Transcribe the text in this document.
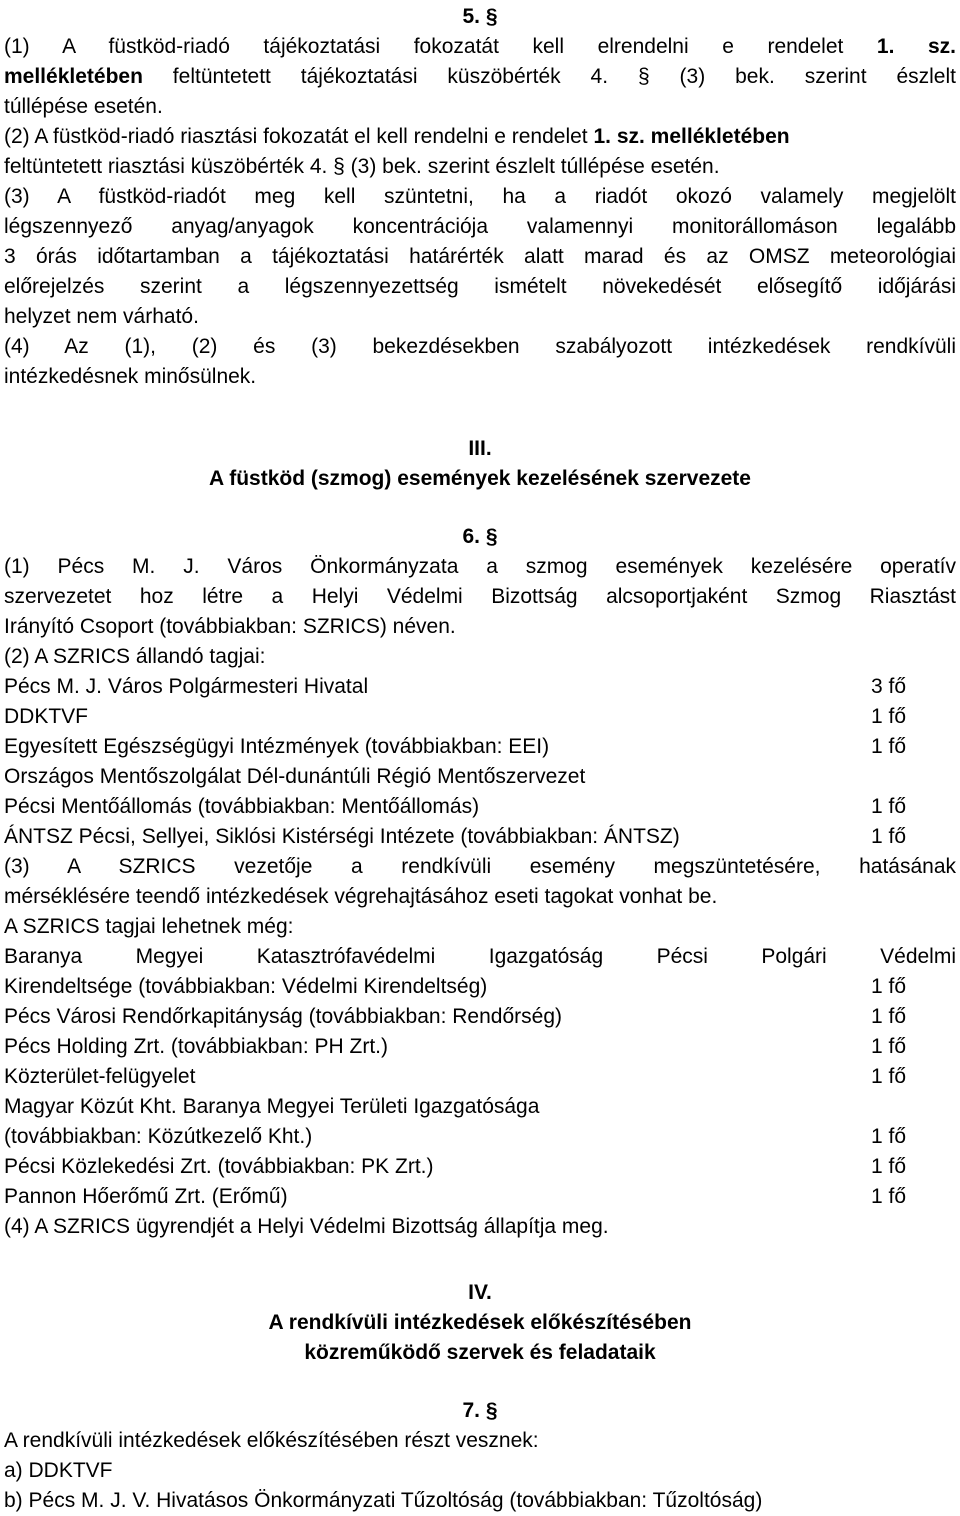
5. §
(1) A füstköd-riadó tájékoztatási fokozatát kell elrendelni e rendelet 1. sz.
mellékletében feltüntetett tájékoztatási küszöbérték 4. § (3) bek. szerint észlelt
túllépése esetén.
(2) A füstköd-riadó riasztási fokozatát el kell rendelni e rendelet 1. sz. mellékletében
feltüntetett riasztási küszöbérték 4. § (3) bek. szerint észlelt túllépése esetén.
(3) A füstköd-riadót meg kell szüntetni, ha a riadót okozó valamely megjelölt
légszennyező anyag/anyagok koncentrációja valamennyi monitorállomáson legalább
3 órás időtartamban a tájékoztatási határérték alatt marad és az OMSZ meteorológiai
előrejelzés szerint a légszennyezettség ismételt növekedését elősegítő időjárási
helyzet nem várható.
(4) Az (1), (2) és (3) bekezdésekben szabályozott intézkedések rendkívüli
intézkedésnek minősülnek.
III.
A füstköd (szmog) események kezelésének szervezete
6. §
(1) Pécs M. J. Város Önkormányzata a szmog események kezelésére operatív
szervezetet hoz létre a Helyi Védelmi Bizottság alcsoportjaként Szmog Riasztást
Irányító Csoport (továbbiakban: SZRICS) néven.
(2) A SZRICS állandó tagjai:
Pécs M. J. Város Polgármesteri Hivatal	3 fő
DDKTVF	1 fő
Egyesített Egészségügyi Intézmények (továbbiakban: EEI)	1 fő
Országos Mentőszolgálat Dél-dunántúli Régió Mentőszervezet
Pécsi Mentőállomás (továbbiakban: Mentőállomás)	1 fő
ÁNTSZ Pécsi, Sellyei, Siklósi Kistérségi Intézete (továbbiakban: ÁNTSZ)	1 fő
(3) A SZRICS vezetője a rendkívüli esemény megszüntetésére, hatásának
mérséklésére teendő intézkedések végrehajtásához eseti tagokat vonhat be.
A SZRICS tagjai lehetnek még:
Baranya Megyei Katasztrófavédelmi Igazgatóság Pécsi Polgári Védelmi
Kirendeltsége (továbbiakban: Védelmi Kirendeltség)	1 fő
Pécs Városi Rendőrkapitányság (továbbiakban: Rendőrség)	1 fő
Pécs Holding Zrt. (továbbiakban: PH Zrt.)	1 fő
Közterület-felügyelet	1 fő
Magyar Közút Kht. Baranya Megyei Területi Igazgatósága
(továbbiakban: Közútkezelő Kht.)	1 fő
Pécsi Közlekedési Zrt. (továbbiakban: PK Zrt.)	1 fő
Pannon Hőerőmű Zrt. (Erőmű)	1 fő
(4) A SZRICS ügyrendjét a Helyi Védelmi Bizottság állapítja meg.
IV.
A rendkívüli intézkedések előkészítésében
közreműködő szervek és feladataik
7. §
A rendkívüli intézkedések előkészítésében részt vesznek:
a) DDKTVF
b) Pécs M. J. V. Hivatásos Önkormányzati Tűzoltóság (továbbiakban: Tűzoltóság)
